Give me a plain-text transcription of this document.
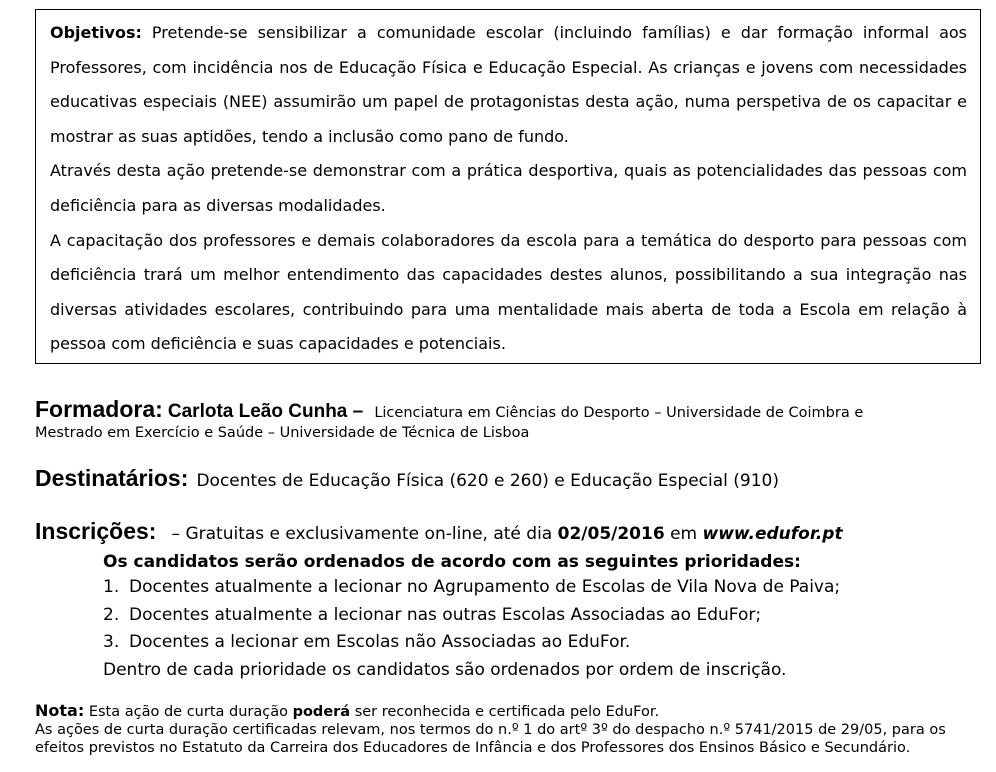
Objetivos: Pretende-se sensibilizar a comunidade escolar (incluindo famílias) e dar formação informal aos Professores, com incidência nos de Educação Física e Educação Especial. As crianças e jovens com necessidades educativas especiais (NEE) assumirão um papel de protagonistas desta ação, numa perspetiva de os capacitar e mostrar as suas aptidões, tendo a inclusão como pano de fundo.

Através desta ação pretende-se demonstrar com a prática desportiva, quais as potencialidades das pessoas com deficiência para as diversas modalidades.

A capacitação dos professores e demais colaboradores da escola para a temática do desporto para pessoas com deficiência trará um melhor entendimento das capacidades destes alunos, possibilitando a sua integração nas diversas atividades escolares, contribuindo para uma mentalidade mais aberta de toda a Escola em relação à pessoa com deficiência e suas capacidades e potenciais.

Formadora: Carlota Leão Cunha – Licenciatura em Ciências do Desporto – Universidade de Coimbra e
Mestrado em Exercício e Saúde – Universidade de Técnica de Lisboa
Destinatários: Docentes de Educação Física (620 e 260) e Educação Especial (910)
Inscrições: – Gratuitas e exclusivamente on-line, até dia 02/05/2016 em www.edufor.pt
Os candidatos serão ordenados de acordo com as seguintes prioridades:
1. Docentes atualmente a lecionar no Agrupamento de Escolas de Vila Nova de Paiva;
2. Docentes atualmente a lecionar nas outras Escolas Associadas ao EduFor;
3. Docentes a lecionar em Escolas não Associadas ao EduFor.
Dentro de cada prioridade os candidatos são ordenados por ordem de inscrição.
Nota: Esta ação de curta duração poderá ser reconhecida e certificada pelo EduFor.
As ações de curta duração certificadas relevam, nos termos do n.º 1 do artº 3º do despacho n.º 5741/2015 de 29/05, para os efeitos previstos no Estatuto da Carreira dos Educadores de Infância e dos Professores dos Ensinos Básico e Secundário.
